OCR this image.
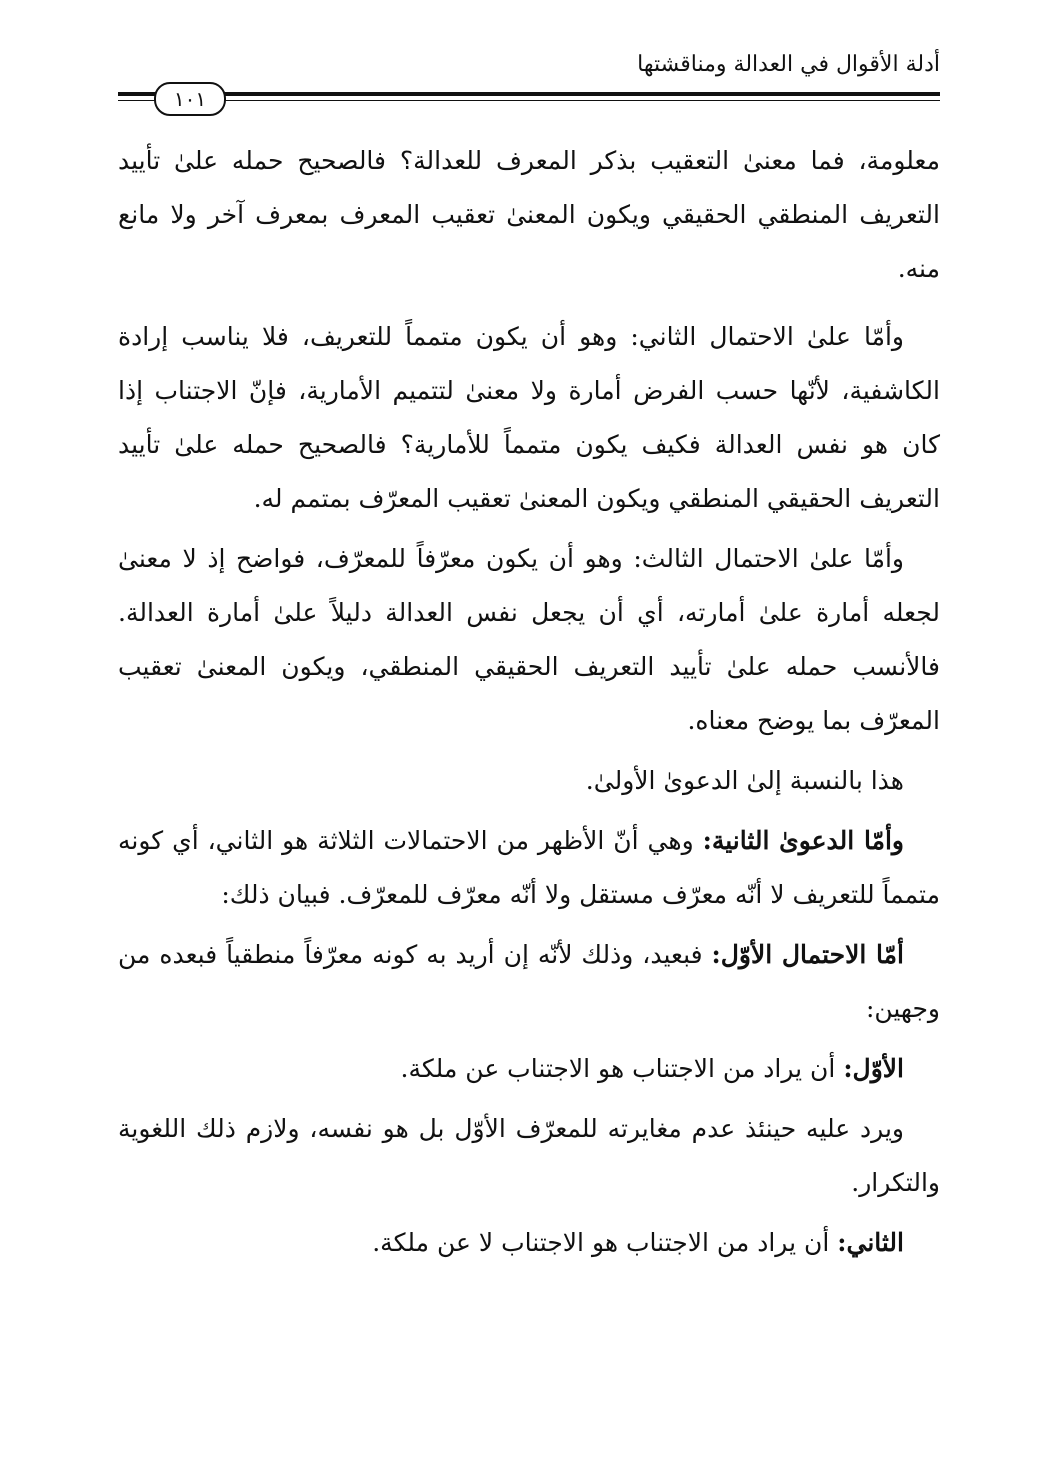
أدلة الأقوال في العدالة ومناقشتها
١٠١

معلومة، فما معنىٰ التعقيب بذكر المعرف للعدالة؟ فالصحيح حمله علىٰ تأييد التعريف المنطقي الحقيقي ويكون المعنىٰ تعقيب المعرف بمعرف آخر ولا مانع منه.

وأمّا علىٰ الاحتمال الثاني: وهو أن يكون متمماً للتعريف، فلا يناسب إرادة الكاشفية، لأنّها حسب الفرض أمارة ولا معنىٰ لتتميم الأمارية، فإنّ الاجتناب إذا كان هو نفس العدالة فكيف يكون متمماً للأمارية؟ فالصحيح حمله علىٰ تأييد التعريف الحقيقي المنطقي ويكون المعنىٰ تعقيب المعرّف بمتمم له.

وأمّا علىٰ الاحتمال الثالث: وهو أن يكون معرّفاً للمعرّف، فواضح إذ لا معنىٰ لجعله أمارة علىٰ أمارته، أي أن يجعل نفس العدالة دليلاً علىٰ أمارة العدالة. فالأنسب حمله علىٰ تأييد التعريف الحقيقي المنطقي، ويكون المعنىٰ تعقيب المعرّف بما يوضح معناه.

هذا بالنسبة إلىٰ الدعوىٰ الأولىٰ.

وأمّا الدعوىٰ الثانية: وهي أنّ الأظهر من الاحتمالات الثلاثة هو الثاني، أي كونه متمماً للتعريف لا أنّه معرّف مستقل ولا أنّه معرّف للمعرّف. فبيان ذلك:

أمّا الاحتمال الأوّل: فبعيد، وذلك لأنّه إن أريد به كونه معرّفاً منطقياً فبعده من وجهين:

الأوّل: أن يراد من الاجتناب هو الاجتناب عن ملكة.

ويرد عليه حينئذ عدم مغايرته للمعرّف الأوّل بل هو نفسه، ولازم ذلك اللغوية والتكرار.

الثاني: أن يراد من الاجتناب هو الاجتناب لا عن ملكة.
